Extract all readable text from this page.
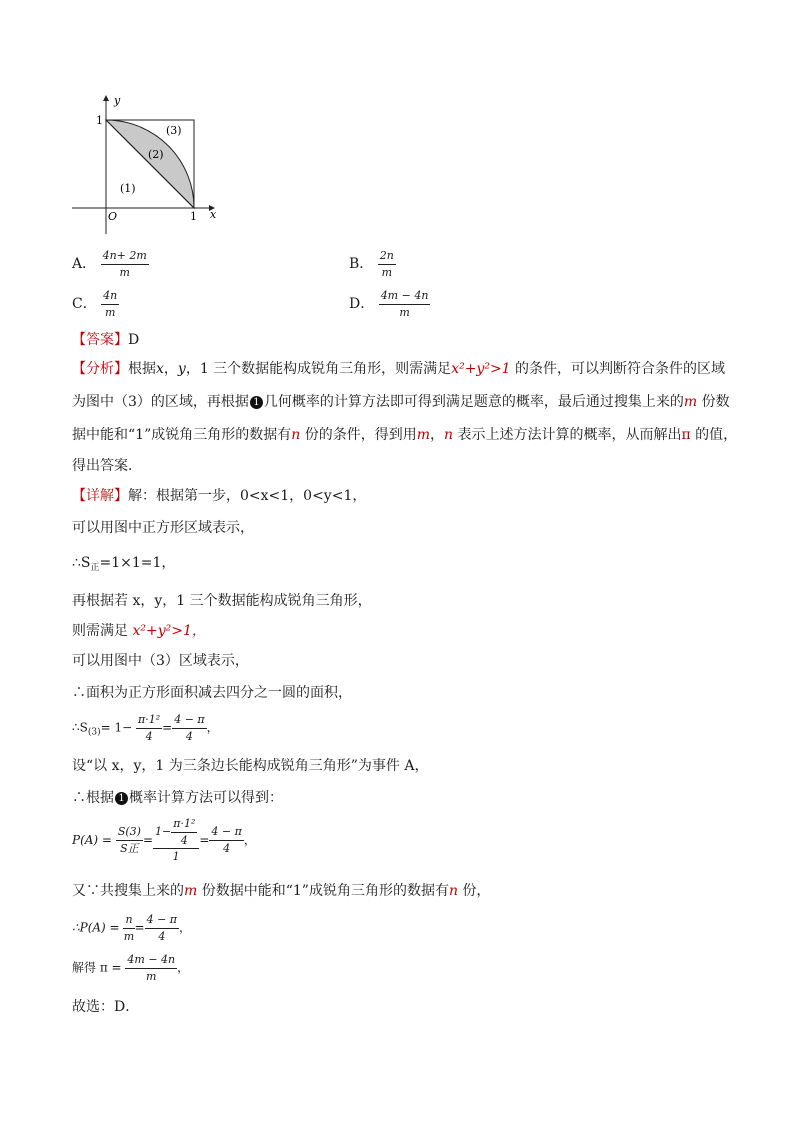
y
x
O
1
1
(1)
(2)
(3)
A． $\frac{4n+ 2m}{m}$	B． $\frac{2n}{m}$
C． $\frac{4n}{m}$	D． $\frac{4m - 4n}{m}$
【答案】D
【分析】根据x，y，1 三个数据能构成锐角三角形，则需满足x²+y²>1 的条件，可以判断符合条件的区域
为图中（3）的区域，再根据 1 几何概率的计算方法即可得到满足题意的概率，最后通过搜集上来的m 份数
据中能和“1”成锐角三角形的数据有n 份的条件，得到用m，n 表示上述方法计算的概率，从而解出π 的值，
得出答案．
【详解】解：根据第一步，0<x<1，0<y<1，
可以用图中正方形区域表示，
$\therefore S_正=1\times 1=1$，
再根据若 x，y，1 三个数据能构成锐角三角形，
则需满足 x²+y²>1，
可以用图中（3）区域表示，
∴面积为正方形面积减去四分之一圆的面积，
$\therefore S_{(3)}= 1- \frac{\text{π·1²}}{4} = \frac{4 - \pi}{4}$ ，
设“以 x，y，1 为三条边长能构成锐角三角形”为事件 A，
∴根据 1 概率计算方法可以得到：
$P(A) = \frac{S(3)}{\text{S正}} = \frac{1- \frac{\text{π·1²}}{4}}{1} = \frac{4 - \pi}{4}$ ，
又∵共搜集上来的m 份数据中能和“1”成锐角三角形的数据有n 份，
∴P(A) = $\frac{n}{m} = \frac{4 - \pi}{4}$ ，
解得 $\pi = \frac{4m - 4n}{m}$ ，
故选：D．
